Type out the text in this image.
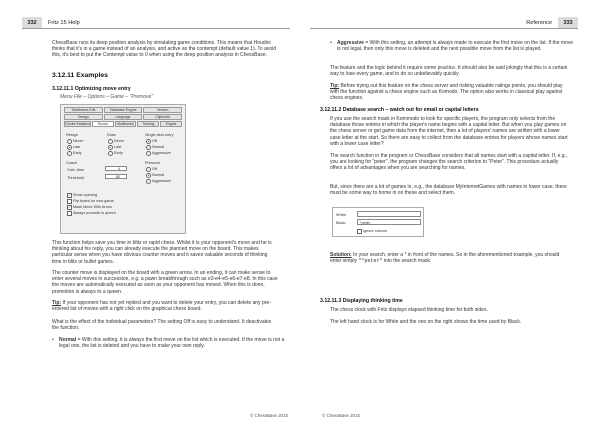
332	Fritz 15 Help

ChessBase runs its deep position analysis by simulating game conditions. This means that Houdini thinks that it's in a game instead of an analysis, and active as the contempt (default value 1). To avoid this, it's best to put the Contempt value to 0 when using the deep position analysis in ChessBase.

3.12.11 Examples
3.12.11.1 Optimizing move entry
Menu File – Options – Game – "Premove"
Tablebases Edit	Tablebase Engine	Version
Design	Language	Clipboard
Clocks+Notation	Sound	Multimedia	Training	Engine
Resign
Never
Late
Early
Draw
Never
Late
Early
Single click entry
Off
Normal
Aggressive
Coach
Calc. time	4
Threshold	80
Premove
Off
Normal
Aggressive
✓ Show opening
Flip board on new game
✓ Mask Move With Arrow
Always promote to queen

This function helps save you time in blitz or rapid chess. Whilst it is your opponent's move and he is thinking about his reply, you can already execute the planned move on the board. This makes particular sense when you have obvious counter moves and it saves valuable seconds of thinking time in blitz or bullet games.

The counter move is displayed on the board with a green arrow. In an ending, it can make sense to enter several moves in succession, e.g. a pawn breakthrough such as e3-e4-e5-e6-e7-e8. In this case the moves are automatically executed as soon as your opponent has moved. When this is done, promotion is always to a queen.

Tip: If your opponent has not yet replied and you want to delete your entry, you can delete any pre-entered list of moves with a right click on the graphical chess board.

What is the effect of the individual parameters? The setting Off is easy to understand. It deactivates the function.

• Normal = With this setting, it is always the first move on the list which is executed. If the move is not a legal one, the list is deleted and you have to make your own reply.

© ChessBase 2015
Reference	333

• Aggressive = With this setting, an attempt is always made to execute the first move on the list. If the move is not legal, then only this move is deleted and the next possible move from the list is played.

The feature and the logic behind it require some practice. It should also be said jokingly that this is a certain way to lose every game, and to do so unbelievably quickly.

Tip: Before trying out this feature on the chess server and risking valuable ratings points, you should play with the function against a chess engine such as Komodo. The option also works in classical play against chess engines.

3.12.11.2 Database search – watch out for email or capital letters

If you use the search mask in Kommodo to look for specific players, the program only selects from the database those entries in which the player's name begins with a capital letter. But when you play games on the chess server or get game data from the internet, then a lot of players' names are written with a lower case letter at the start. So there are easy to collect from the database entries for players whose names start with a lower case letter?

The search function in the program or ChessBase considers that all names start with a capital letter. If, e.g., you are looking for "peter", the program changes the search criterion to "Peter". This procedure actually offers a lot of advantages when you are searching for names.

But, since there are a lot of games in, e.g., the database MyInternetGames with names in lower case, there must be some way to home in on these and select them.

White:
Black:	*peter
Ignore colours

Solution: In your search, enter a * in front of the names. So in the aforementioned example, you should enter simply "*peter" into the search mask.

3.12.11.3 Displaying thinking time

The chess clock with Fritz displays elapsed thinking time for both sides.

The left hand clock is for White and the one on the right shows the time used by Black.

© ChessBase 2015
